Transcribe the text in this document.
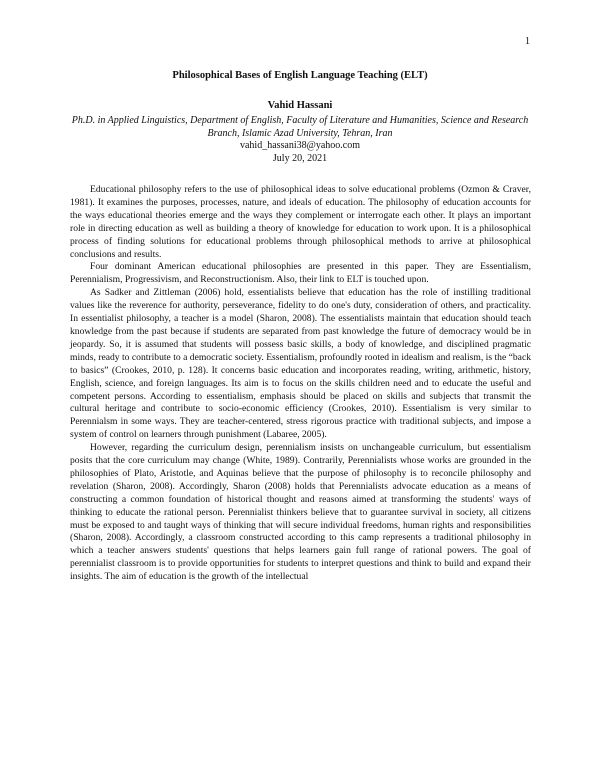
1
Philosophical Bases of English Language Teaching (ELT)
Vahid Hassani
Ph.D. in Applied Linguistics, Department of English, Faculty of Literature and Humanities, Science and Research Branch, Islamic Azad University, Tehran, Iran
vahid_hassani38@yahoo.com
July 20, 2021

Educational philosophy refers to the use of philosophical ideas to solve educational problems (Ozmon & Craver, 1981). It examines the purposes, processes, nature, and ideals of education. The philosophy of education accounts for the ways educational theories emerge and the ways they complement or interrogate each other. It plays an important role in directing education as well as building a theory of knowledge for education to work upon. It is a philosophical process of finding solutions for educational problems through philosophical methods to arrive at philosophical conclusions and results.

Four dominant American educational philosophies are presented in this paper. They are Essentialism, Perennialism, Progressivism, and Reconstructionism. Also, their link to ELT is touched upon.

As Sadker and Zittleman (2006) hold, essentialists believe that education has the role of instilling traditional values like the reverence for authority, perseverance, fidelity to do one's duty, consideration of others, and practicality. In essentialist philosophy, a teacher is a model (Sharon, 2008). The essentialists maintain that education should teach knowledge from the past because if students are separated from past knowledge the future of democracy would be in jeopardy. So, it is assumed that students will possess basic skills, a body of knowledge, and disciplined pragmatic minds, ready to contribute to a democratic society. Essentialism, profoundly rooted in idealism and realism, is the “back to basics” (Crookes, 2010, p. 128). It concerns basic education and incorporates reading, writing, arithmetic, history, English, science, and foreign languages. Its aim is to focus on the skills children need and to educate the useful and competent persons. According to essentialism, emphasis should be placed on skills and subjects that transmit the cultural heritage and contribute to socio-economic efficiency (Crookes, 2010). Essentialism is very similar to Perennialsm in some ways. They are teacher-centered, stress rigorous practice with traditional subjects, and impose a system of control on learners through punishment (Labaree, 2005).

However, regarding the curriculum design, perennialism insists on unchangeable curriculum, but essentialism posits that the core curriculum may change (White, 1989). Contrarily, Perennialists whose works are grounded in the philosophies of Plato, Aristotle, and Aquinas believe that the purpose of philosophy is to reconcile philosophy and revelation (Sharon, 2008). Accordingly, Sharon (2008) holds that Perennialists advocate education as a means of constructing a common foundation of historical thought and reasons aimed at transforming the students' ways of thinking to educate the rational person. Perennialist thinkers believe that to guarantee survival in society, all citizens must be exposed to and taught ways of thinking that will secure individual freedoms, human rights and responsibilities (Sharon, 2008). Accordingly, a classroom constructed according to this camp represents a traditional philosophy in which a teacher answers students' questions that helps learners gain full range of rational powers. The goal of perennialist classroom is to provide opportunities for students to interpret questions and think to build and expand their insights. The aim of education is the growth of the intellectual
